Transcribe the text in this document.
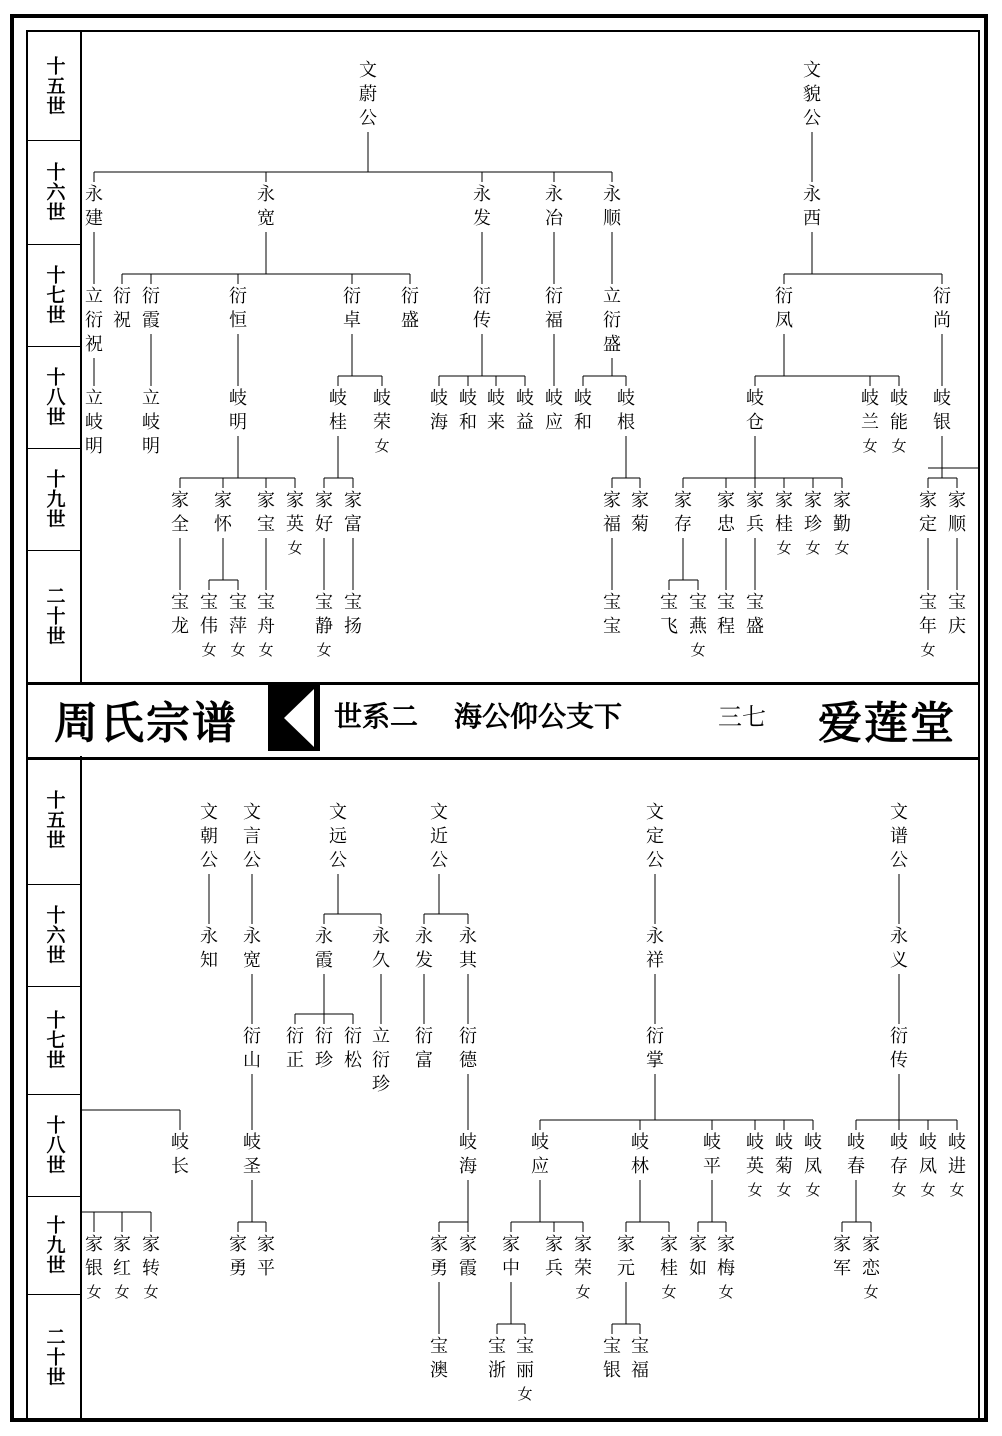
十五世
十六世
十七世
十八世
十九世
二十世
十五世
十六世
十七世
十八世
十九世
二十世
周氏宗谱	世系二 海公仰公支下	三七 爱莲堂
文
蔚
公
文
貌
公
永
建
永
宽
永
发
永
冶
永
顺
永
西
立
衍
祝
衍
祝
衍
霞
衍
恒
衍
卓
衍
盛
衍
传
衍
福
立
衍
盛
衍
凤
衍
尚
立
岐
明
立
岐
明
岐
明
岐
桂
岐
荣
女
岐
海
岐
和
岐
来
岐
益
岐
应
岐
和
岐
根
岐
仓
岐
兰
女
岐
能
女
岐
银
家
全
家
怀
家
宝
家
英
女
家
好
家
富
家
福
家
菊
家
存
家
忠
家
兵
家
桂
女
家
珍
女
家
勤
女
家
定
家
顺
宝
龙
宝
伟
女
宝
萍
女
宝
舟
女
宝
静
女
宝
扬
宝
宝
宝
飞
宝
燕
女
宝
程
宝
盛
宝
年
女
宝
庆
文
朝
公
文
言
公
文
远
公
文
近
公
文
定
公
文
谱
公
永
知
永
宽
永
霞
永
久
永
发
永
其
永
祥
永
义
衍
山
衍
正
衍
珍
衍
松
立
衍
珍
衍
富
衍
德
衍
掌
衍
传
岐
长
岐
圣
岐
海
岐
应
岐
林
岐
平
岐
英
女
岐
菊
女
岐
凤
女
岐
春
岐
存
女
岐
凤
女
岐
进
女
家
银
女
家
红
女
家
转
女
家
勇
家
平
家
勇
家
霞
家
中
家
兵
家
荣
女
家
元
家
桂
女
家
如
家
梅
女
家
军
家
恋
女
宝
澳
宝
浙
宝
丽
女
宝
银
宝
福
